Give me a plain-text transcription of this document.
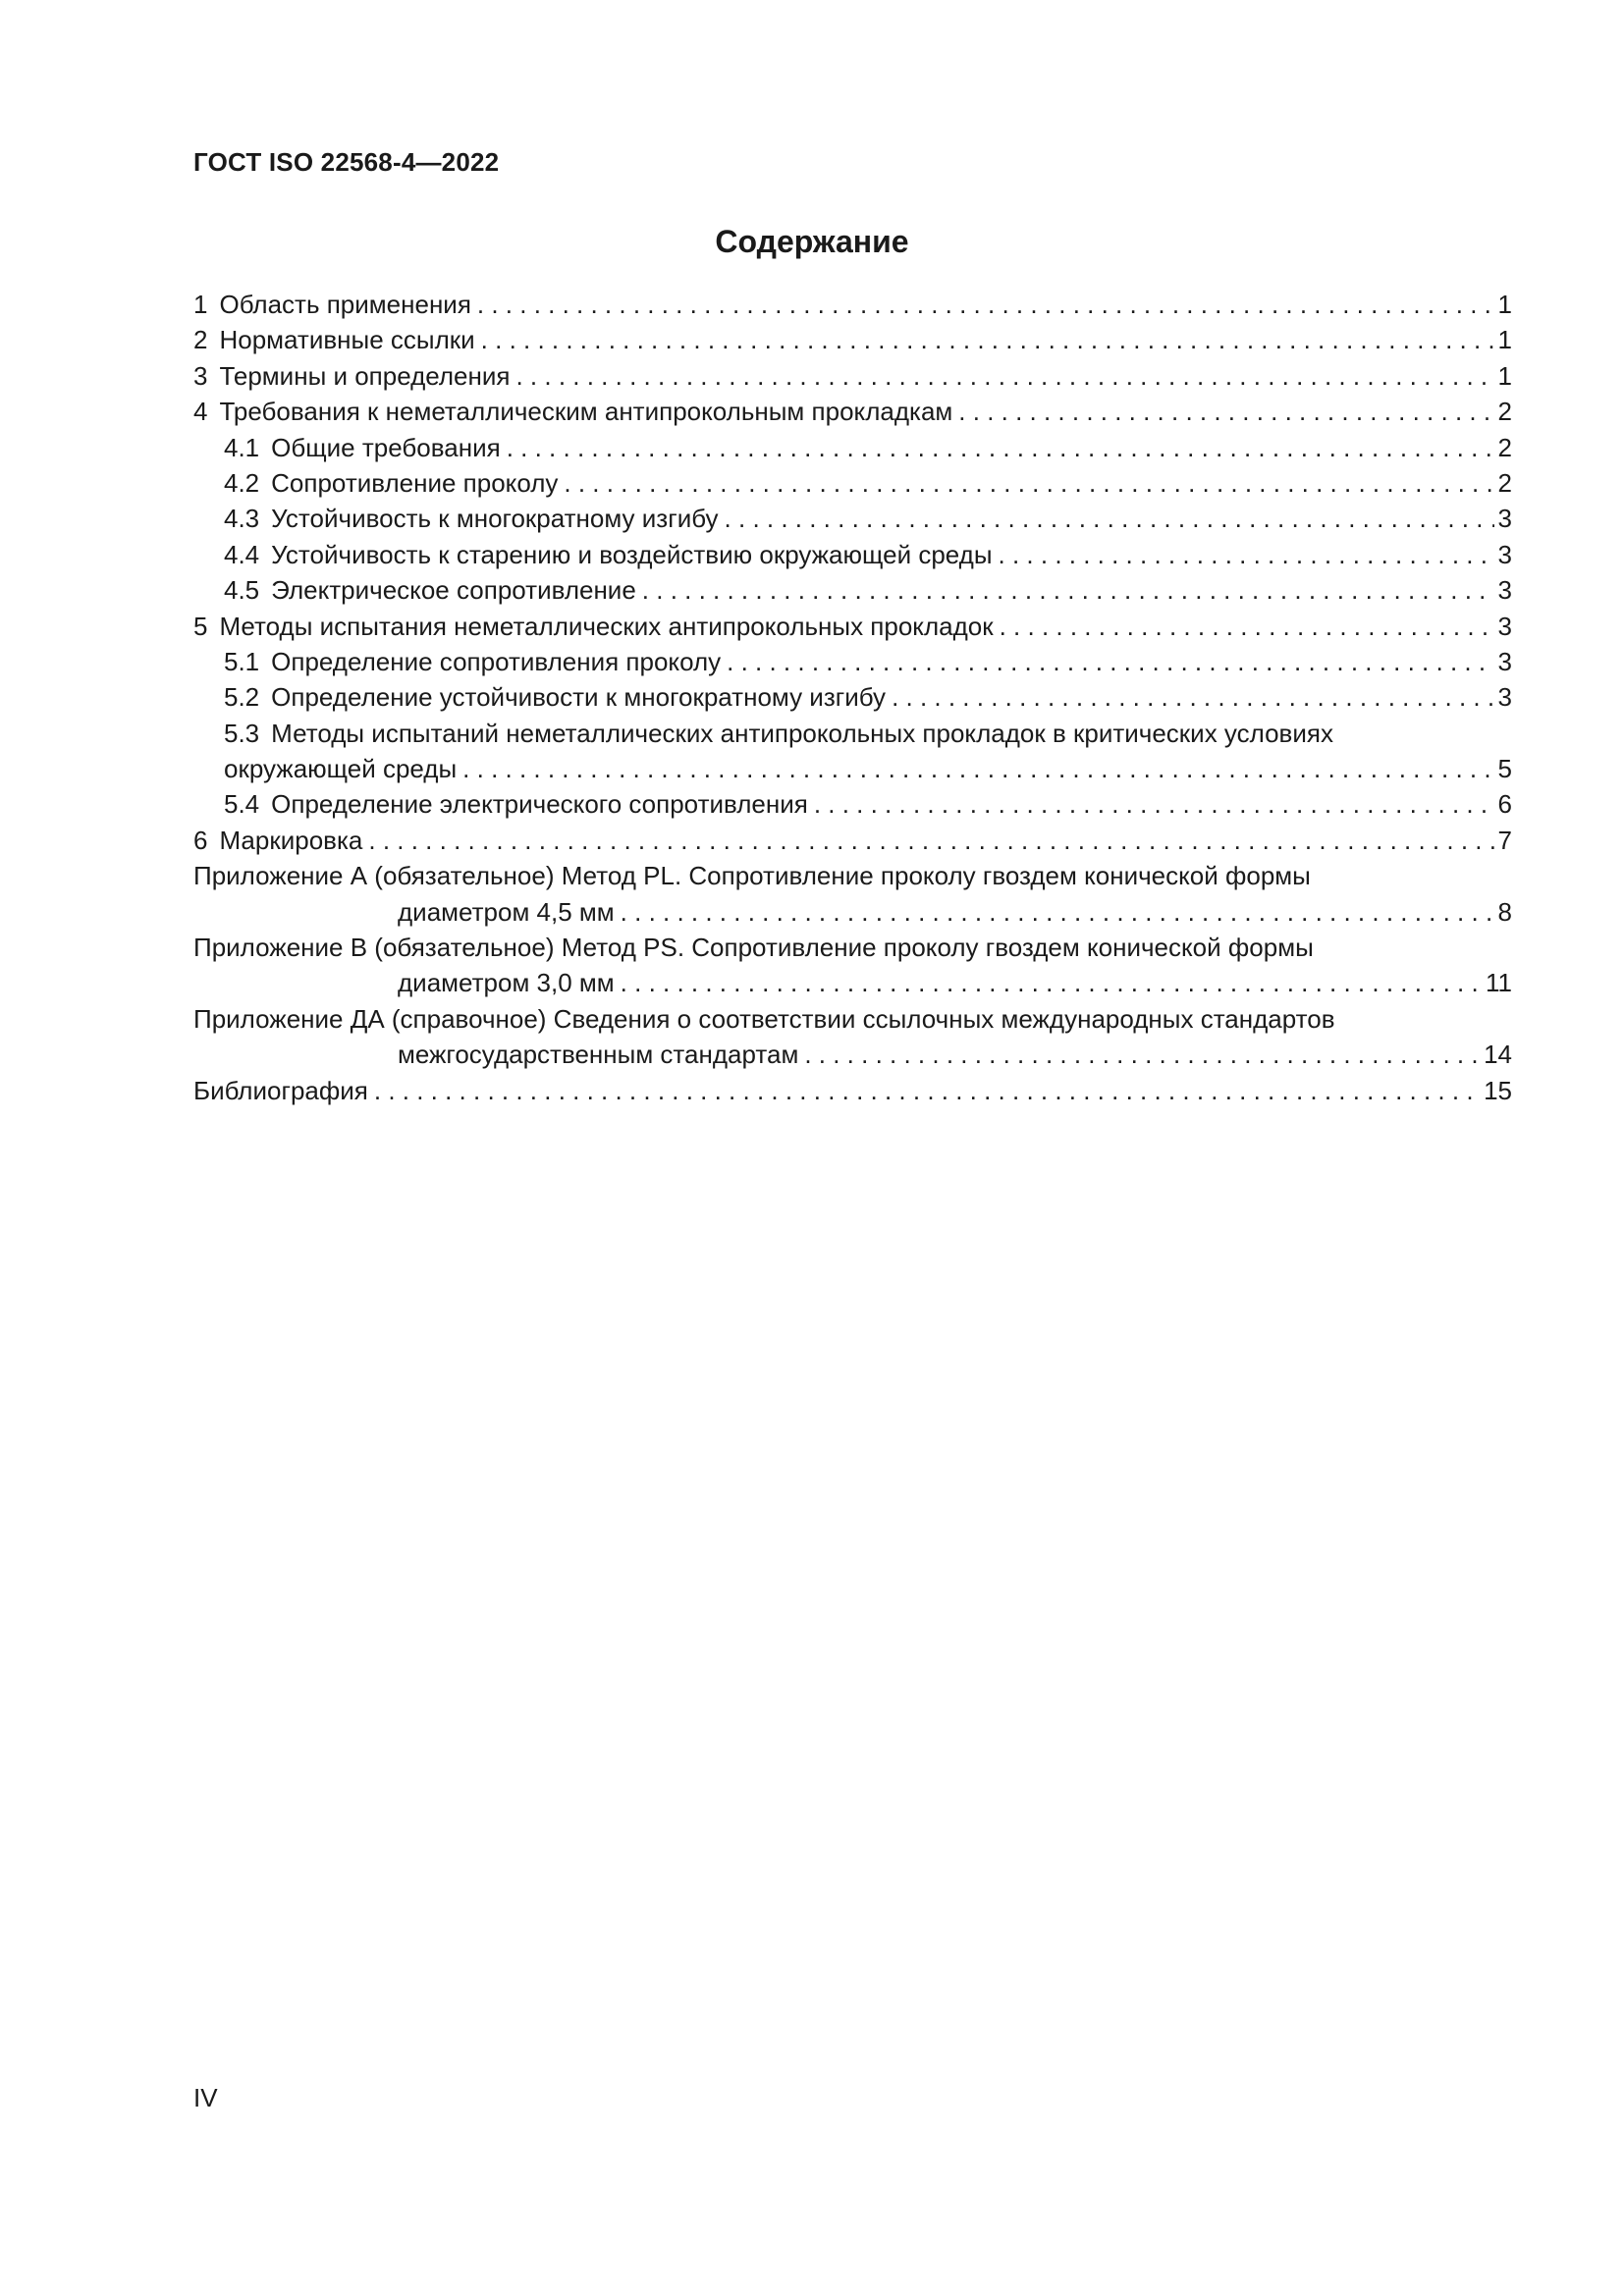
ГОСТ ISO 22568-4—2022
Содержание
1 Область применения . . .	1
2 Нормативные ссылки . . .	1
3 Термины и определения . . .	1
4 Требования к неметаллическим антипрокольным прокладкам . . .	2
4.1 Общие требования . . .	2
4.2 Сопротивление проколу . . .	2
4.3 Устойчивость к многократному изгибу . . .	3
4.4 Устойчивость к старению и воздействию окружающей среды . . .	3
4.5 Электрическое сопротивление . . .	3
5 Методы испытания неметаллических антипрокольных прокладок . . .	3
5.1 Определение сопротивления проколу . . .	3
5.2 Определение устойчивости к многократному изгибу . . .	3
5.3 Методы испытаний неметаллических антипрокольных прокладок в критических условиях
окружающей среды . . .	5
5.4 Определение электрического сопротивления . . .	6
6 Маркировка . . .	7
Приложение А (обязательное) Метод PL. Сопротивление проколу гвоздем конической формы
диаметром 4,5 мм . . .	8
Приложение В (обязательное) Метод PS. Сопротивление проколу гвоздем конической формы
диаметром 3,0 мм . . .	11
Приложение ДА (справочное) Сведения о соответствии ссылочных международных стандартов
межгосударственным стандартам . . .	14
Библиография . . .	15
IV
